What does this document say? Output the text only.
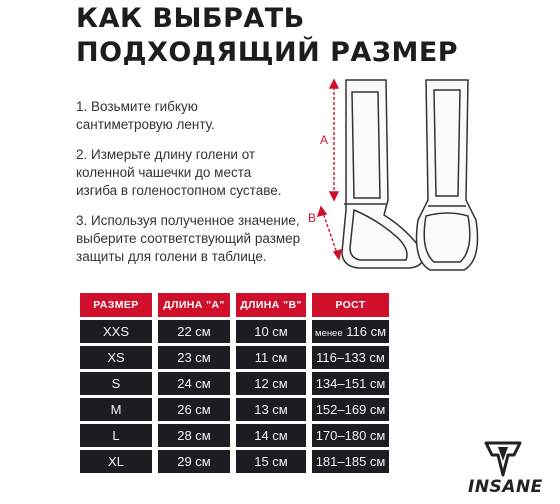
КАК ВЫБРАТЬ
ПОДХОДЯЩИЙ РАЗМЕР
1. Возьмите гибкую
сантиметровую ленту.
2. Измерьте длину голени от
коленной чашечки до места
изгиба в голеностопном суставе.
3. Используя полученное значение,
выберите соответствующий размер
защиты для голени в таблице.
A
B
РАЗМЕР	ДЛИНА "А"	ДЛИНА "В"	РОСТ
XXS	22 см	10 см	менее 116 см
XS	23 см	11 см	116–133 см
S	24 см	12 см	134–151 см
M	26 см	13 см	152–169 см
L	28 см	14 см	170–180 см
XL	29 см	15 см	181–185 см
INSANE
